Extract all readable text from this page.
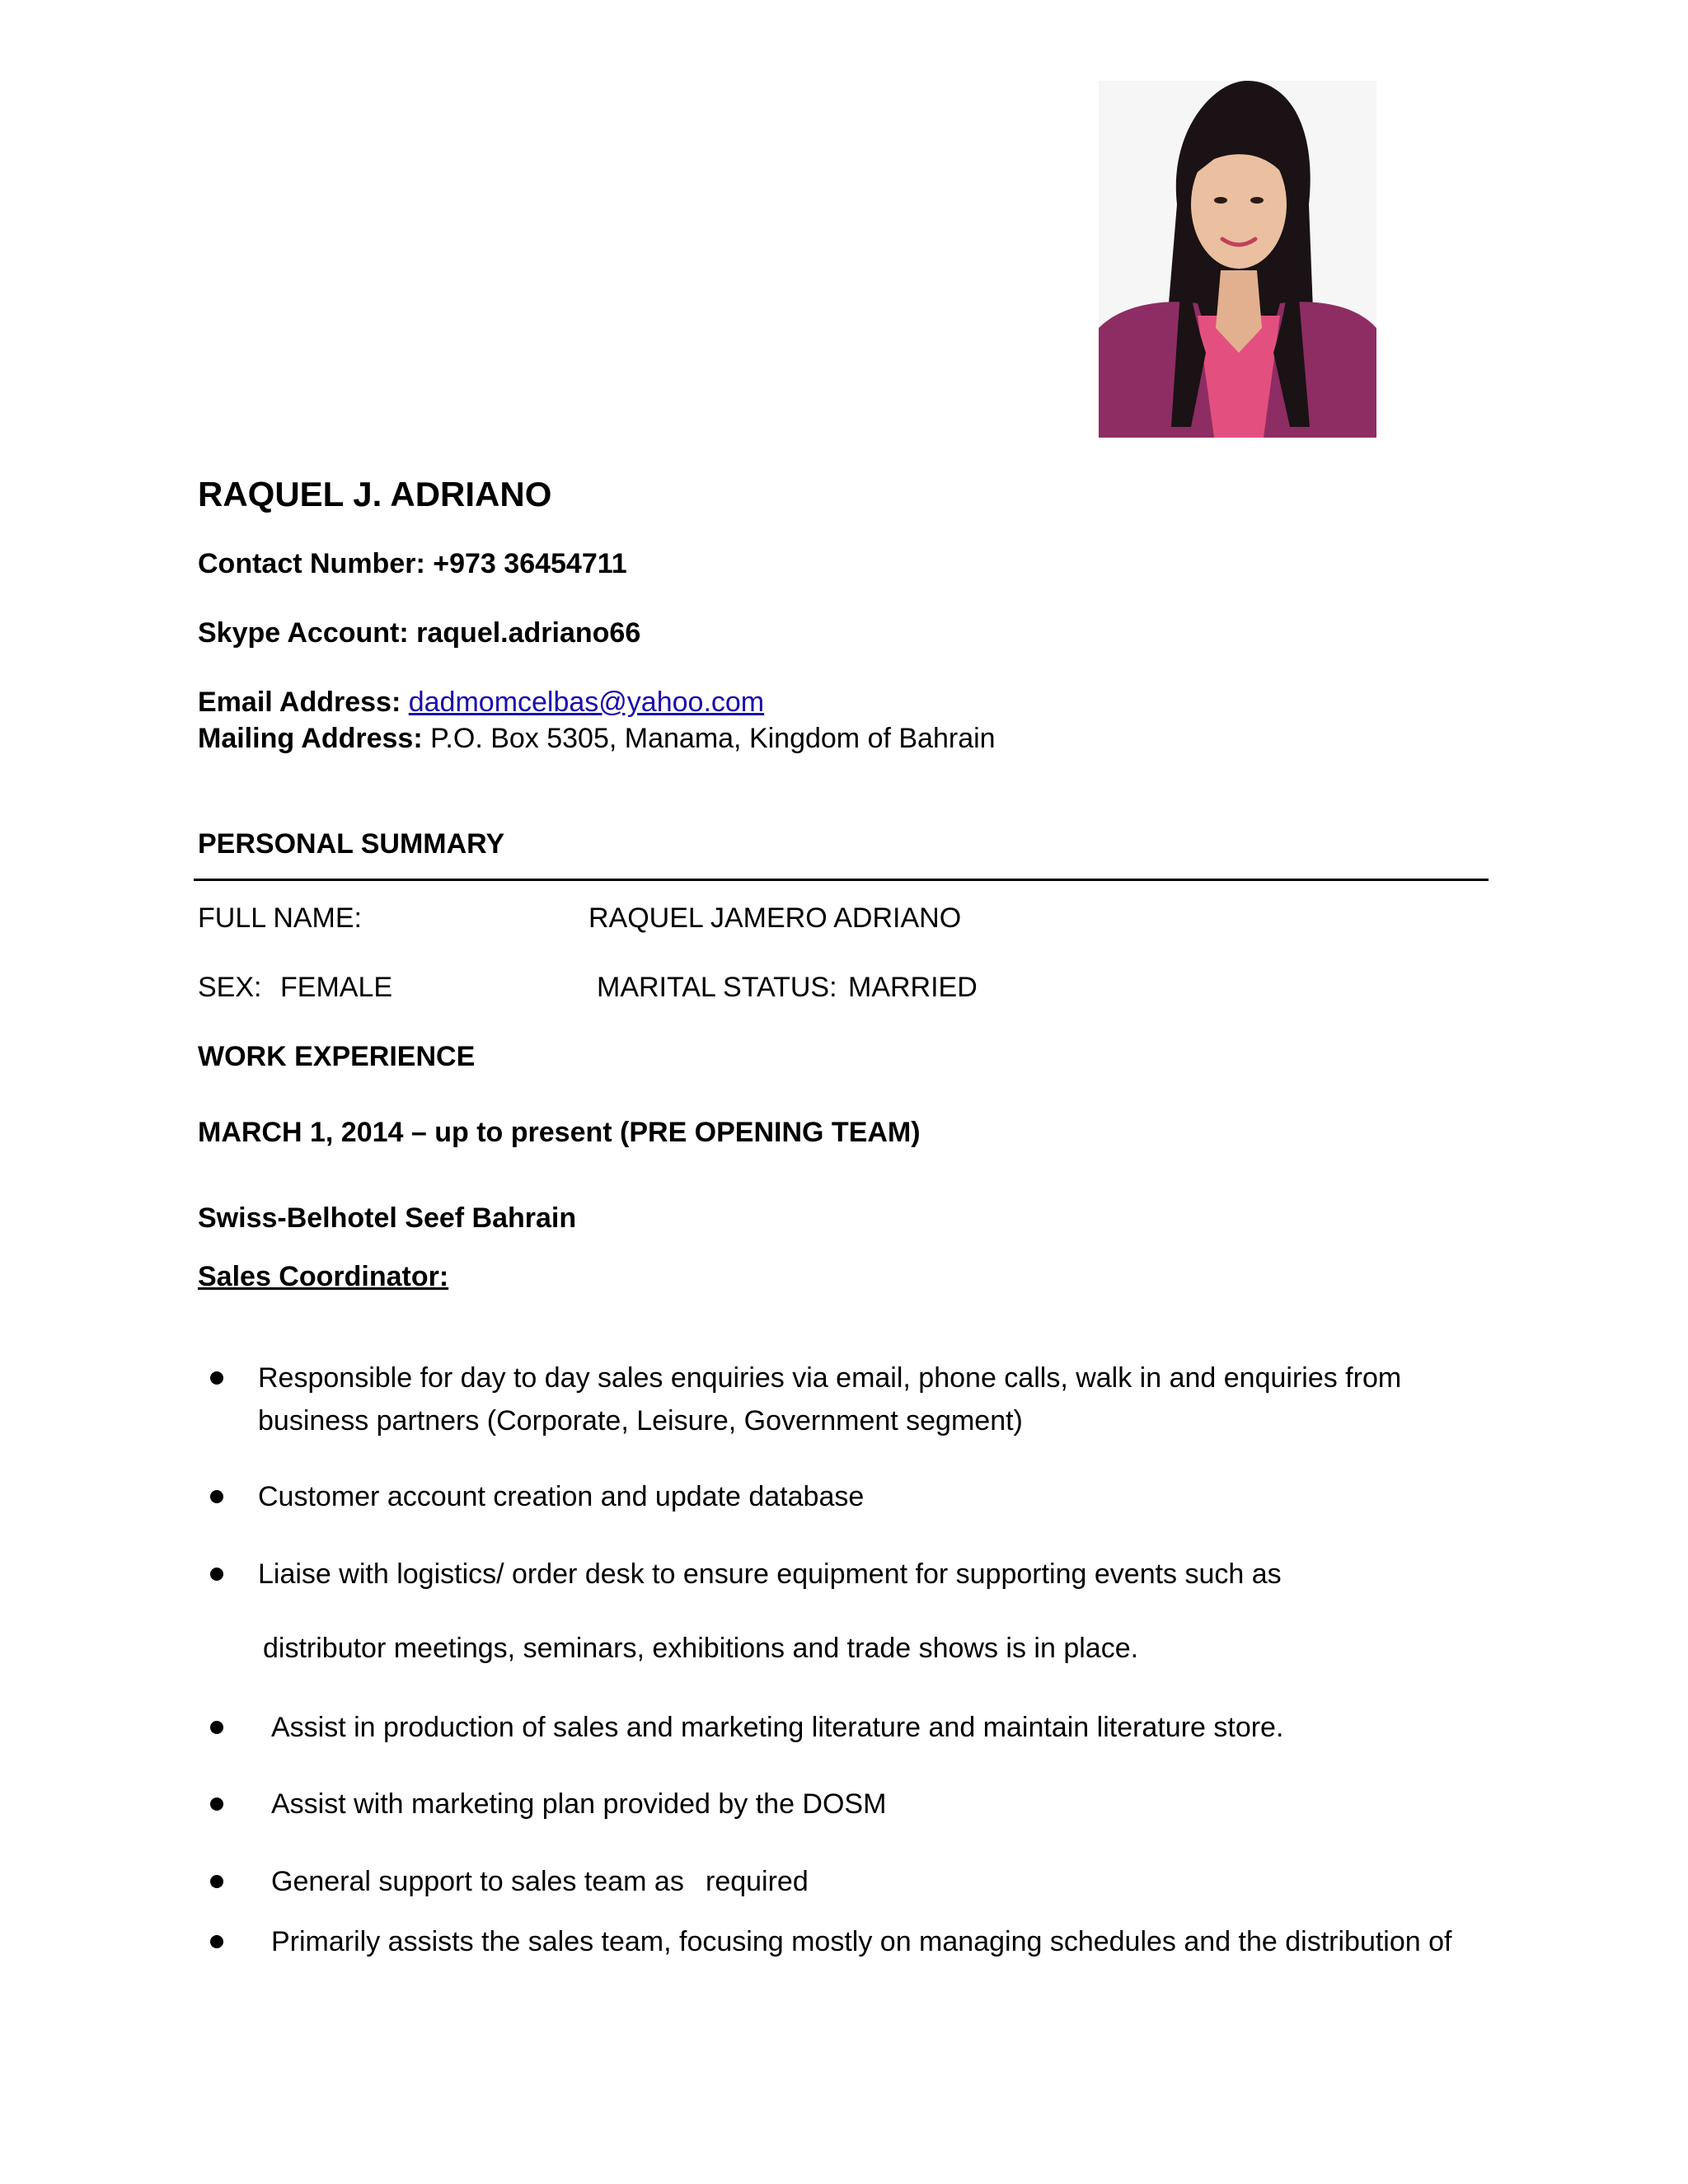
RAQUEL J. ADRIANO
Contact Number: +973 36454711
Skype Account: raquel.adriano66
Email Address: dadmomcelbas@yahoo.com
Mailing Address: P.O. Box 5305, Manama, Kingdom of Bahrain
PERSONAL SUMMARY
FULL NAME:	RAQUEL JAMERO ADRIANO
SEX: FEMALE	MARITAL STATUS: MARRIED
WORK EXPERIENCE
MARCH 1, 2014 – up to present (PRE OPENING TEAM)
Swiss-Belhotel Seef Bahrain
Sales Coordinator:
Responsible for day to day sales enquiries via email, phone calls, walk in and enquiries from
business partners (Corporate, Leisure, Government segment)
Customer account creation and update database
Liaise with logistics/ order desk to ensure equipment for supporting events such as
distributor meetings, seminars, exhibitions and trade shows is in place.
Assist in production of sales and marketing literature and maintain literature store.
Assist with marketing plan provided by the DOSM
General support to sales team as required
Primarily assists the sales team, focusing mostly on managing schedules and the distribution of
